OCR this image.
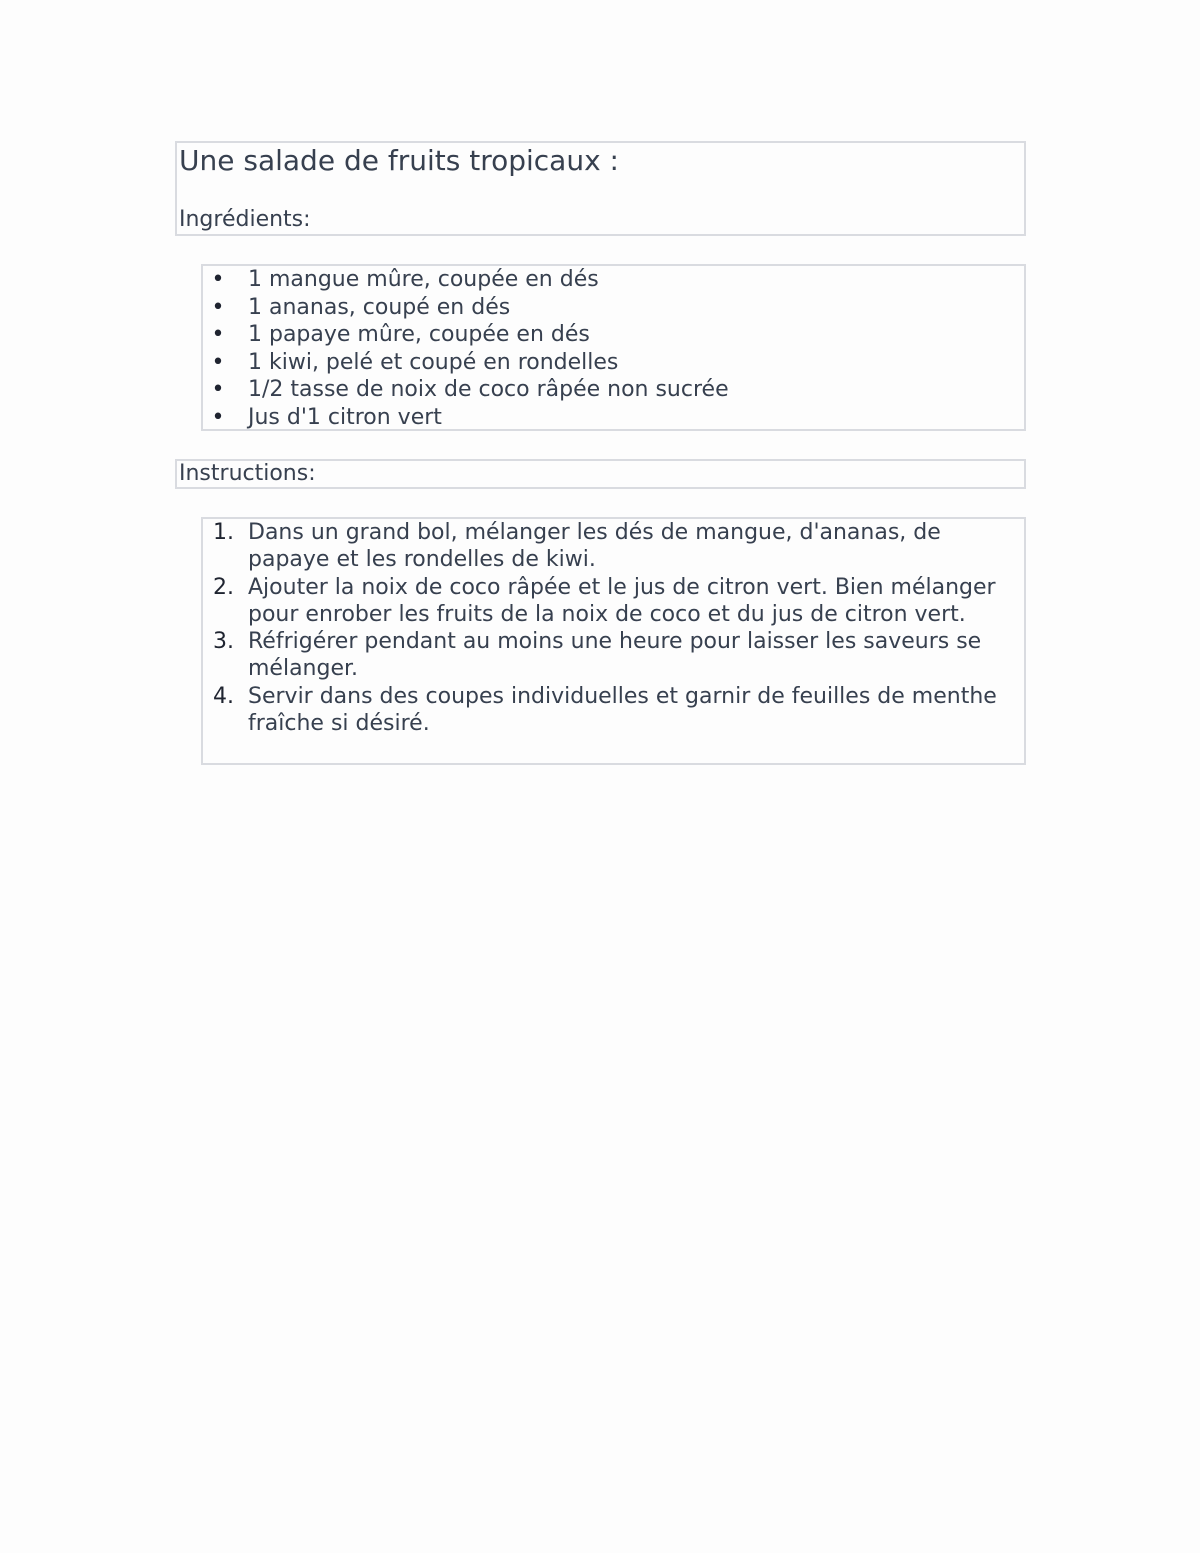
Une salade de fruits tropicaux :
Ingrédients:
• 1 mangue mûre, coupée en dés
• 1 ananas, coupé en dés
• 1 papaye mûre, coupée en dés
• 1 kiwi, pelé et coupé en rondelles
• 1/2 tasse de noix de coco râpée non sucrée
• Jus d'1 citron vert
Instructions:
1. Dans un grand bol, mélanger les dés de mangue, d'ananas, de papaye et les rondelles de kiwi.
2. Ajouter la noix de coco râpée et le jus de citron vert. Bien mélanger pour enrober les fruits de la noix de coco et du jus de citron vert.
3. Réfrigérer pendant au moins une heure pour laisser les saveurs se mélanger.
4. Servir dans des coupes individuelles et garnir de feuilles de menthe fraîche si désiré.
